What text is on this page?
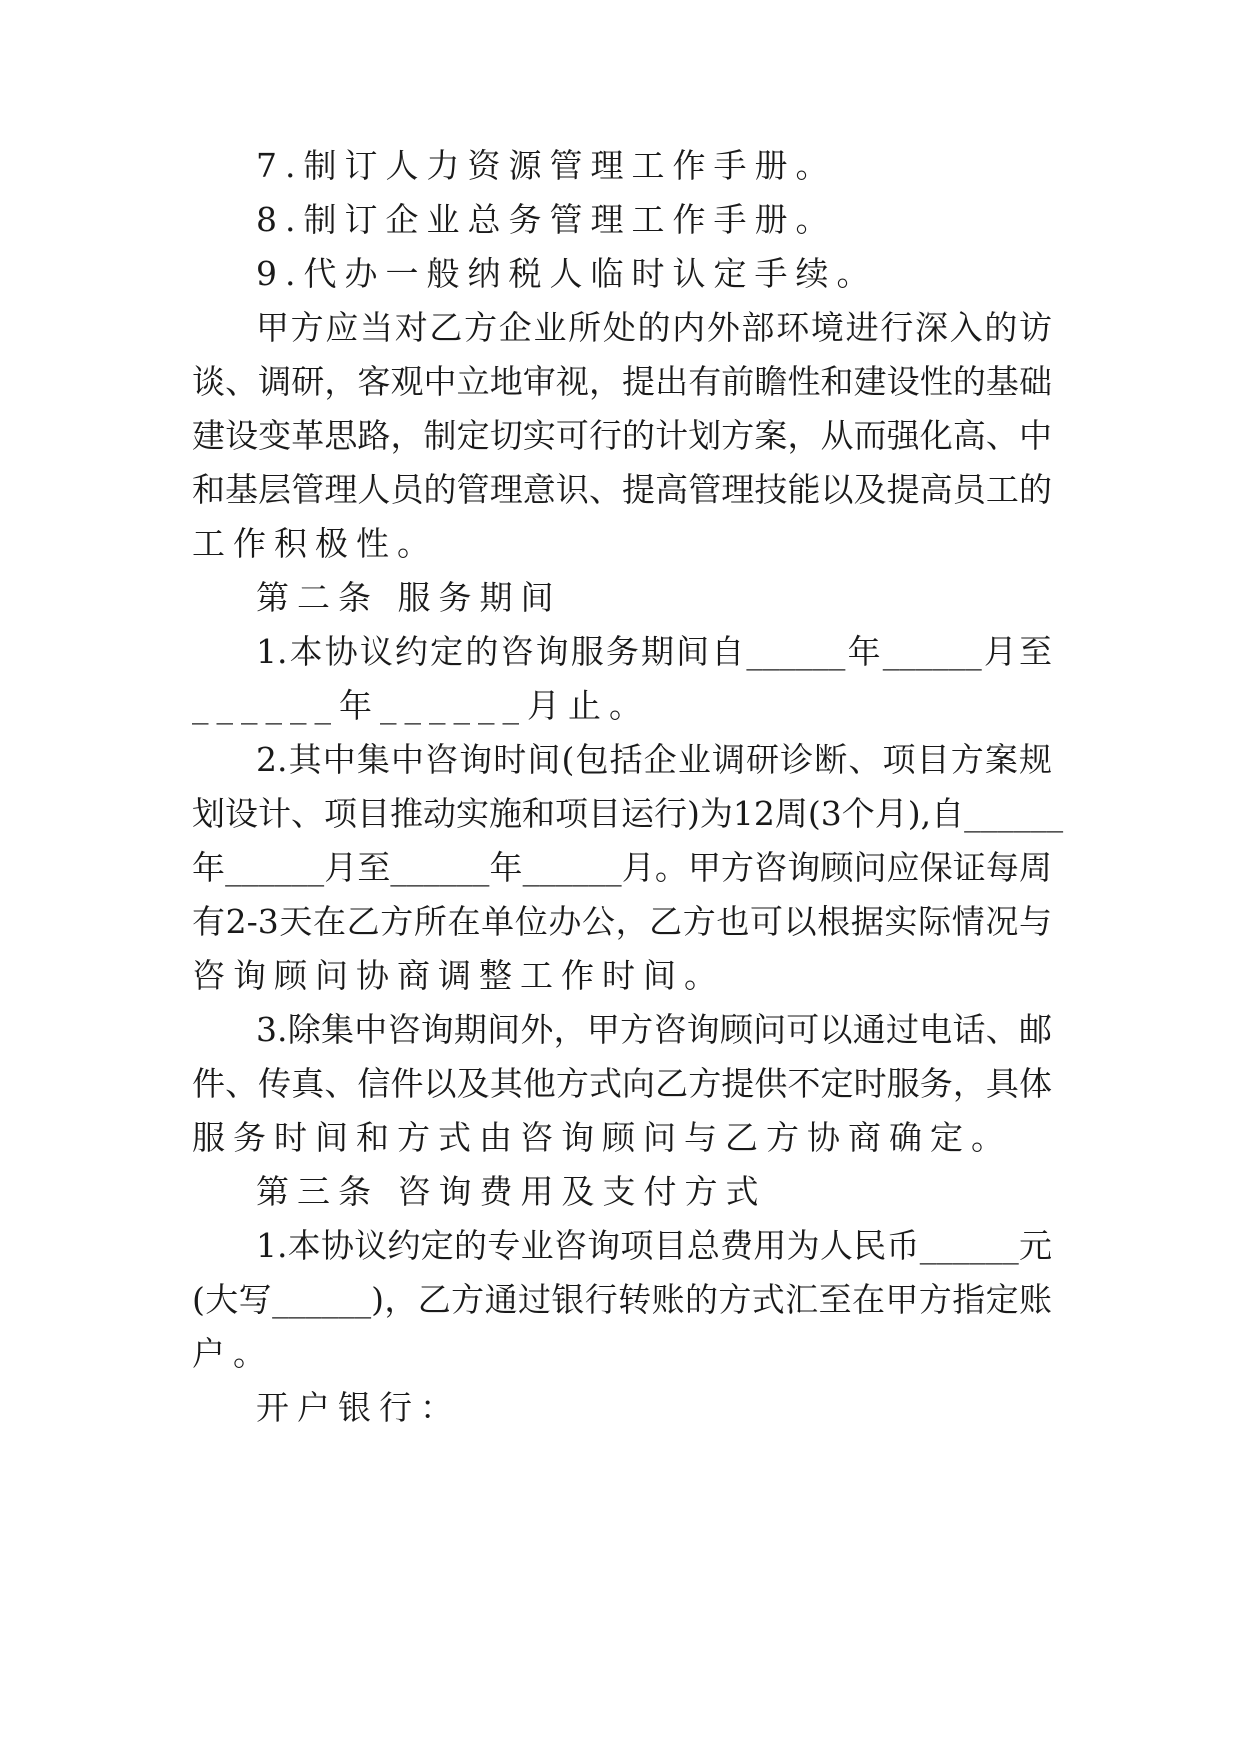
7.制订人力资源管理工作手册。
8.制订企业总务管理工作手册。
9.代办一般纳税人临时认定手续。
甲方应当对乙方企业所处的内外部环境进行深入的访
谈、调研，客观中立地审视，提出有前瞻性和建设性的基础
建设变革思路，制定切实可行的计划方案，从而强化高、中
和基层管理人员的管理意识、提高管理技能以及提高员工的
工作积极性。
第二条 服务期间
1.本协议约定的咨询服务期间自______年______月至
______年______月止。
2.其中集中咨询时间(包括企业调研诊断、项目方案规
划设计、项目推动实施和项目运行)为12周(3个月),自______
年______月至______年______月。甲方咨询顾问应保证每周
有2-3天在乙方所在单位办公，乙方也可以根据实际情况与
咨询顾问协商调整工作时间。
3.除集中咨询期间外，甲方咨询顾问可以通过电话、邮
件、传真、信件以及其他方式向乙方提供不定时服务，具体
服务时间和方式由咨询顾问与乙方协商确定。
第三条 咨询费用及支付方式
1.本协议约定的专业咨询项目总费用为人民币______元
(大写______)，乙方通过银行转账的方式汇至在甲方指定账
户。
开户银行：
